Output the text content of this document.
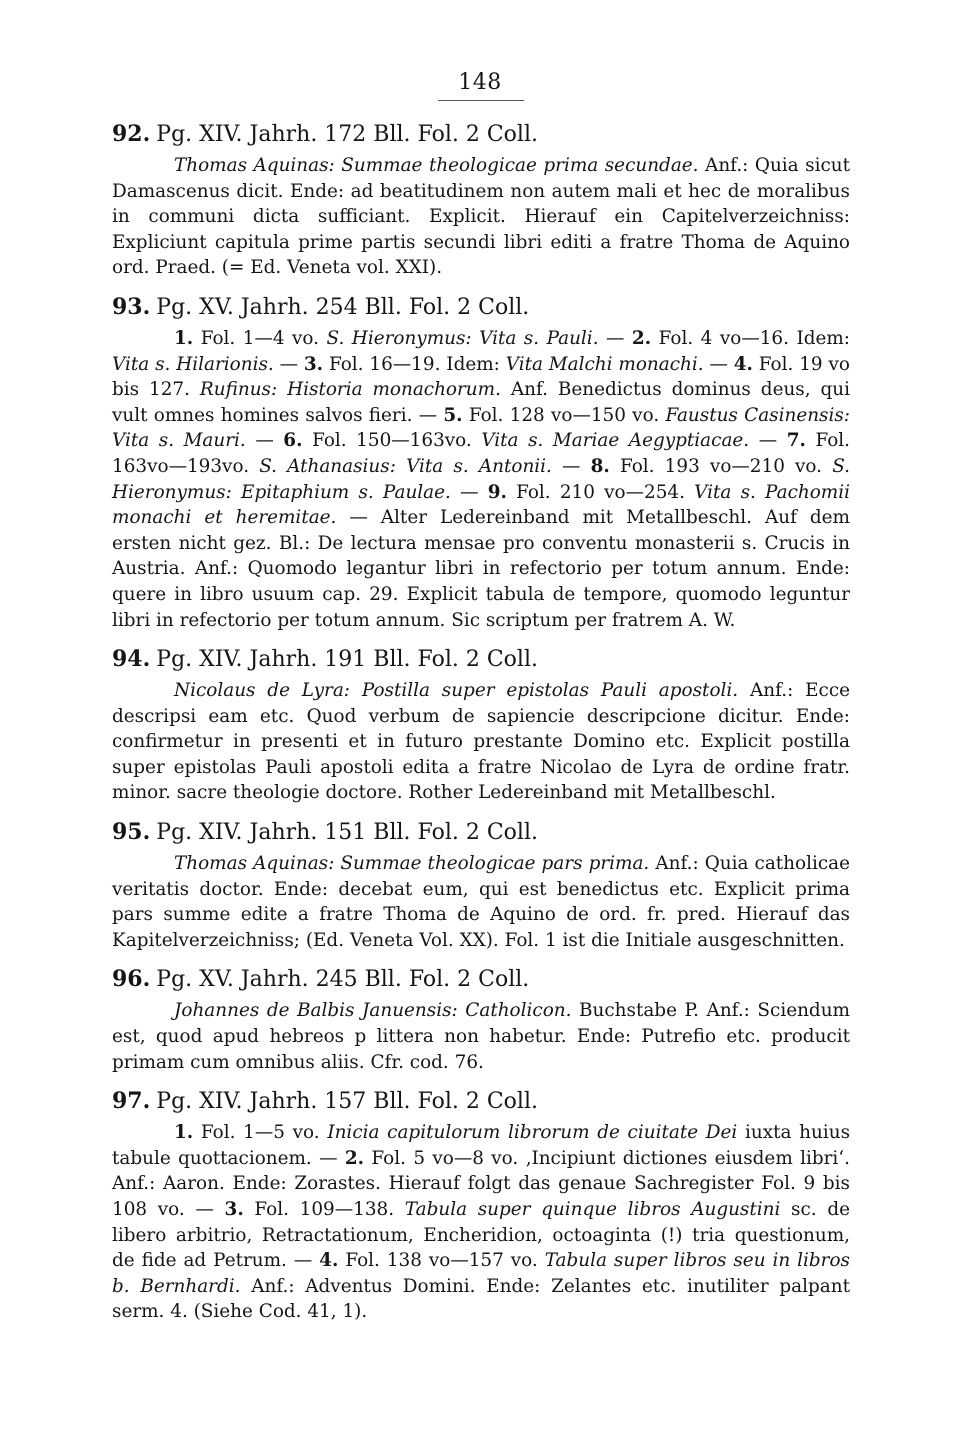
148
92. Pg. XIV. Jahrh. 172 Bll. Fol. 2 Coll.

Thomas Aquinas: Summae theologicae prima secundae. Anf.: Quia sicut Damascenus dicit. Ende: ad beatitudinem non autem mali et hec de moralibus in communi dicta sufficiant. Explicit. Hierauf ein Capitelverzeichniss: Expliciunt capitula prime partis secundi libri editi a fratre Thoma de Aquino ord. Praed. (= Ed. Veneta vol. XXI).

93. Pg. XV. Jahrh. 254 Bll. Fol. 2 Coll.

1. Fol. 1—4 vo. S. Hieronymus: Vita s. Pauli. — 2. Fol. 4 vo—16. Idem: Vita s. Hilarionis. — 3. Fol. 16—19. Idem: Vita Malchi monachi. — 4. Fol. 19 vo bis 127. Rufinus: Historia monachorum. Anf. Benedictus dominus deus, qui vult omnes homines salvos fieri. — 5. Fol. 128 vo—150 vo. Faustus Casinensis: Vita s. Mauri. — 6. Fol. 150—163vo. Vita s. Mariae Aegyptiacae. — 7. Fol. 163vo—193vo. S. Athanasius: Vita s. Antonii. — 8. Fol. 193 vo—210 vo. S. Hieronymus: Epitaphium s. Paulae. — 9. Fol. 210 vo—254. Vita s. Pachomii monachi et heremitae. — Alter Ledereinband mit Metallbeschl. Auf dem ersten nicht gez. Bl.: De lectura mensae pro conventu monasterii s. Crucis in Austria. Anf.: Quomodo legantur libri in refectorio per totum annum. Ende: quere in libro usuum cap. 29. Explicit tabula de tempore, quomodo leguntur libri in refectorio per totum annum. Sic scriptum per fratrem A. W.

94. Pg. XIV. Jahrh. 191 Bll. Fol. 2 Coll.

Nicolaus de Lyra: Postilla super epistolas Pauli apostoli. Anf.: Ecce descripsi eam etc. Quod verbum de sapiencie descripcione dicitur. Ende: confirmetur in presenti et in futuro prestante Domino etc. Explicit postilla super epistolas Pauli apostoli edita a fratre Nicolao de Lyra de ordine fratr. minor. sacre theologie doctore. Rother Ledereinband mit Metallbeschl.

95. Pg. XIV. Jahrh. 151 Bll. Fol. 2 Coll.

Thomas Aquinas: Summae theologicae pars prima. Anf.: Quia catholicae veritatis doctor. Ende: decebat eum, qui est benedictus etc. Explicit prima pars summe edite a fratre Thoma de Aquino de ord. fr. pred. Hierauf das Kapitelverzeichniss; (Ed. Veneta Vol. XX). Fol. 1 ist die Initiale ausgeschnitten.

96. Pg. XV. Jahrh. 245 Bll. Fol. 2 Coll.

Johannes de Balbis Januensis: Catholicon. Buchstabe P. Anf.: Sciendum est, quod apud hebreos p littera non habetur. Ende: Putrefio etc. producit primam cum omnibus aliis. Cfr. cod. 76.

97. Pg. XIV. Jahrh. 157 Bll. Fol. 2 Coll.

1. Fol. 1—5 vo. Inicia capitulorum librorum de ciuitate Dei iuxta huius tabule quottacionem. — 2. Fol. 5 vo—8 vo. ‚Incipiunt dictiones eiusdem libri‘. Anf.: Aaron. Ende: Zorastes. Hierauf folgt das genaue Sachregister Fol. 9 bis 108 vo. — 3. Fol. 109—138. Tabula super quinque libros Augustini sc. de libero arbitrio, Retractationum, Encheridion, octoaginta (!) tria questionum, de fide ad Petrum. — 4. Fol. 138 vo—157 vo. Tabula super libros seu in libros b. Bernhardi. Anf.: Adventus Domini. Ende: Zelantes etc. inutiliter palpant serm. 4. (Siehe Cod. 41, 1).
